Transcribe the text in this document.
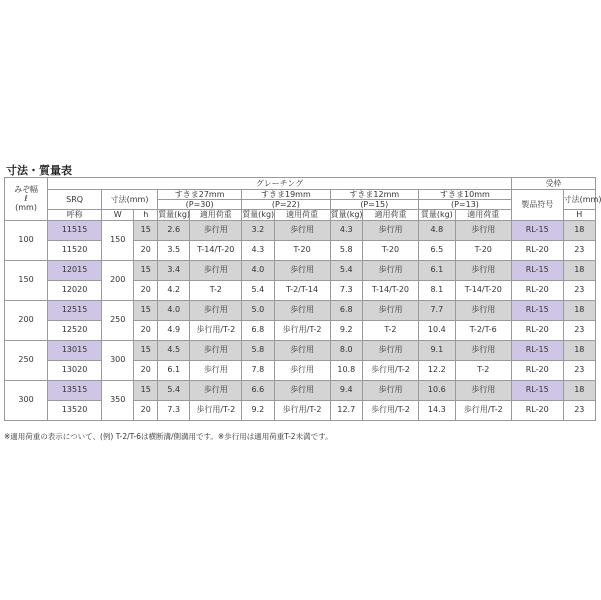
寸法・質量表
みぞ幅
ℓ
(mm)	グレーチング											受枠	
	SRQ	寸法(mm)		すきま27mm		すきま19mm		すきま12mm		すきま10mm		製品符号	寸法(mm)
				(P=30)		(P=22)		(P=15)		(P=13)			
	呼称	W	h	質量(kg)	適用荷重	質量(kg)	適用荷重	質量(kg)	適用荷重	質量(kg)	適用荷重		H
100	11515	150	15	2.6	歩行用	3.2	歩行用	4.3	歩行用	4.8	歩行用	RL-15	18
	11520		20	3.5	T-14/T-20	4.3	T-20	5.8	T-20	6.5	T-20	RL-20	23
150	12015	200	15	3.4	歩行用	4.0	歩行用	5.4	歩行用	6.1	歩行用	RL-15	18
	12020		20	4.2	T-2	5.4	T-2/T-14	7.3	T-14/T-20	8.1	T-14/T-20	RL-20	23
200	12515	250	15	4.0	歩行用	5.0	歩行用	6.8	歩行用	7.7	歩行用	RL-15	18
	12520		20	4.9	歩行用/T-2	6.8	歩行用/T-2	9.2	T-2	10.4	T-2/T-6	RL-20	23
250	13015	300	15	4.5	歩行用	5.8	歩行用	8.0	歩行用	9.1	歩行用	RL-15	18
	13020		20	6.1	歩行用	7.8	歩行用	10.8	歩行用/T-2	12.2	T-2	RL-20	23
300	13515	350	15	5.4	歩行用	6.6	歩行用	9.4	歩行用	10.6	歩行用	RL-15	18
	13520		20	7.3	歩行用/T-2	9.2	歩行用/T-2	12.7	歩行用/T-2	14.3	歩行用/T-2	RL-20	23
※適用荷重の表示について、(例) T-2/T-6は横断溝/側溝用です。※歩行用は適用荷重T-2未満です。
